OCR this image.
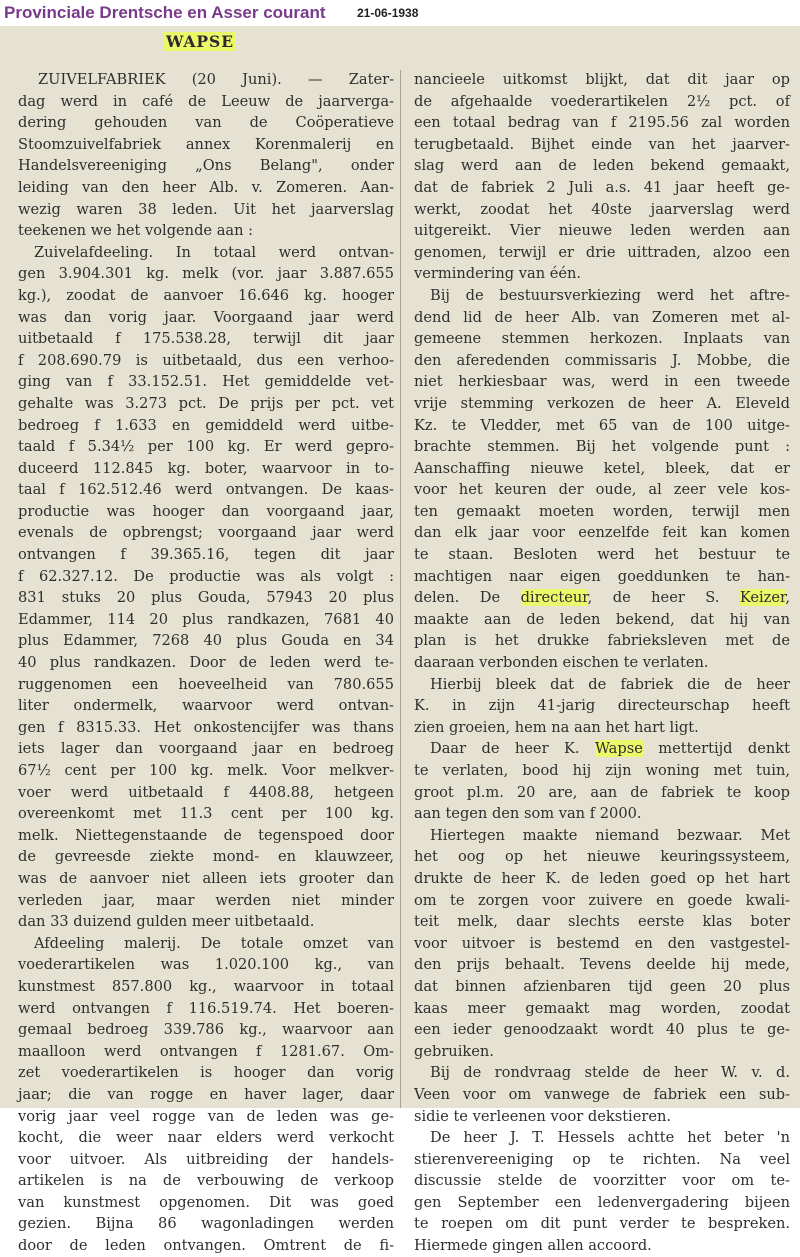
Provinciale Drentsche en Asser courant	21-06-1938
WAPSE
ZUIVELFABRIEK (20 Juni). — Zater-
dag werd in café de Leeuw de jaarverga-
dering gehouden van de Coöperatieve
Stoomzuivelfabriek annex Korenmalerij en
Handelsvereeniging „Ons Belang", onder
leiding van den heer Alb. v. Zomeren. Aan-
wezig waren 38 leden. Uit het jaarverslag
teekenen we het volgende aan :
Zuivelafdeeling. In totaal werd ontvan-
gen 3.904.301 kg. melk (vor. jaar 3.887.655
kg.), zoodat de aanvoer 16.646 kg. hooger
was dan vorig jaar. Voorgaand jaar werd
uitbetaald f 175.538.28, terwijl dit jaar
f 208.690.79 is uitbetaald, dus een verhoo-
ging van f 33.152.51. Het gemiddelde vet-
gehalte was 3.273 pct. De prijs per pct. vet
bedroeg f 1.633 en gemiddeld werd uitbe-
taald f 5.34½ per 100 kg. Er werd gepro-
duceerd 112.845 kg. boter, waarvoor in to-
taal f 162.512.46 werd ontvangen. De kaas-
productie was hooger dan voorgaand jaar,
evenals de opbrengst; voorgaand jaar werd
ontvangen f 39.365.16, tegen dit jaar
f 62.327.12. De productie was als volgt :
831 stuks 20 plus Gouda, 57943 20 plus
Edammer, 114 20 plus randkazen, 7681 40
plus Edammer, 7268 40 plus Gouda en 34
40 plus randkazen. Door de leden werd te-
ruggenomen een hoeveelheid van 780.655
liter ondermelk, waarvoor werd ontvan-
gen f 8315.33. Het onkostencijfer was thans
iets lager dan voorgaand jaar en bedroeg
67½ cent per 100 kg. melk. Voor melkver-
voer werd uitbetaald f 4408.88, hetgeen
overeenkomt met 11.3 cent per 100 kg.
melk. Niettegenstaande de tegenspoed door
de gevreesde ziekte mond- en klauwzeer,
was de aanvoer niet alleen iets grooter dan
verleden jaar, maar werden niet minder
dan 33 duizend gulden meer uitbetaald.
Afdeeling malerij. De totale omzet van
voederartikelen was 1.020.100 kg., van
kunstmest 857.800 kg., waarvoor in totaal
werd ontvangen f 116.519.74. Het boeren-
gemaal bedroeg 339.786 kg., waarvoor aan
maalloon werd ontvangen f 1281.67. Om-
zet voederartikelen is hooger dan vorig
jaar; die van rogge en haver lager, daar
vorig jaar veel rogge van de leden was ge-
kocht, die weer naar elders werd verkocht
voor uitvoer. Als uitbreiding der handels-
artikelen is na de verbouwing de verkoop
van kunstmest opgenomen. Dit was goed
gezien. Bijna 86 wagonladingen werden
door de leden ontvangen. Omtrent de fi-
nancieele uitkomst blijkt, dat dit jaar op
de afgehaalde voederartikelen 2½ pct. of
een totaal bedrag van f 2195.56 zal worden
terugbetaald. Bijhet einde van het jaarver-
slag werd aan de leden bekend gemaakt,
dat de fabriek 2 Juli a.s. 41 jaar heeft ge-
werkt, zoodat het 40ste jaarverslag werd
uitgereikt. Vier nieuwe leden werden aan
genomen, terwijl er drie uittraden, alzoo een
vermindering van één.
Bij de bestuursverkiezing werd het aftre-
dend lid de heer Alb. van Zomeren met al-
gemeene stemmen herkozen. Inplaats van
den aferedenden commissaris J. Mobbe, die
niet herkiesbaar was, werd in een tweede
vrije stemming verkozen de heer A. Eleveld
Kz. te Vledder, met 65 van de 100 uitge-
brachte stemmen. Bij het volgende punt :
Aanschaffing nieuwe ketel, bleek, dat er
voor het keuren der oude, al zeer vele kos-
ten gemaakt moeten worden, terwijl men
dan elk jaar voor eenzelfde feit kan komen
te staan. Besloten werd het bestuur te
machtigen naar eigen goeddunken te han-
delen. De directeur, de heer S. Keizer,
maakte aan de leden bekend, dat hij van
plan is het drukke fabrieksleven met de
daaraan verbonden eischen te verlaten.
Hierbij bleek dat de fabriek die de heer
K. in zijn 41-jarig directeurschap heeft
zien groeien, hem na aan het hart ligt.
Daar de heer K. Wapse mettertijd denkt
te verlaten, bood hij zijn woning met tuin,
groot pl.m. 20 are, aan de fabriek te koop
aan tegen den som van f 2000.
Hiertegen maakte niemand bezwaar. Met
het oog op het nieuwe keuringssysteem,
drukte de heer K. de leden goed op het hart
om te zorgen voor zuivere en goede kwali-
teit melk, daar slechts eerste klas boter
voor uitvoer is bestemd en den vastgestel-
den prijs behaalt. Tevens deelde hij mede,
dat binnen afzienbaren tijd geen 20 plus
kaas meer gemaakt mag worden, zoodat
een ieder genoodzaakt wordt 40 plus te ge-
gebruiken.
Bij de rondvraag stelde de heer W. v. d.
Veen voor om vanwege de fabriek een sub-
sidie te verleenen voor dekstieren.
De heer J. T. Hessels achtte het beter 'n
stierenvereeniging op te richten. Na veel
discussie stelde de voorzitter voor om te-
gen September een ledenvergadering bijeen
te roepen om dit punt verder te bespreken.
Hiermede gingen allen accoord.
